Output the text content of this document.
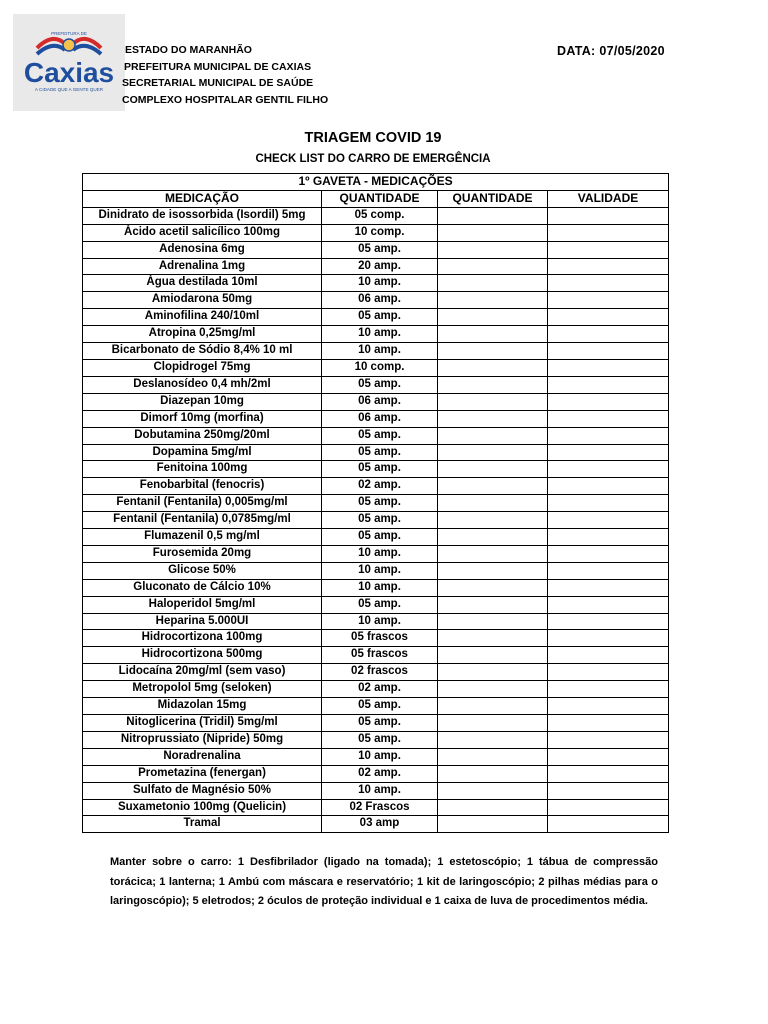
PREFEITURA DE
Caxias
A CIDADE QUE A GENTE QUER
ESTADO DO MARANHÃO
PREFEITURA MUNICIPAL DE CAXIAS
SECRETARIAL MUNICIPAL DE SAÚDE
COMPLEXO HOSPITALAR GENTIL FILHO
DATA: 07/05/2020
TRIAGEM COVID 19
CHECK LIST DO CARRO DE EMERGÊNCIA
1º GAVETA - MEDICAÇÕES			
MEDICAÇÃO	QUANTIDADE	QUANTIDADE	VALIDADE
Dinidrato de isossorbida (Isordil) 5mg	05 comp.		
Ácido acetil salicílico 100mg	10 comp.		
Adenosina 6mg	05 amp.		
Adrenalina 1mg	20 amp.		
Água destilada 10ml	10 amp.		
Amiodarona 50mg	06 amp.		
Aminofilina 240/10ml	05 amp.		
Atropina 0,25mg/ml	10 amp.		
Bicarbonato de Sódio 8,4% 10 ml	10 amp.		
Clopidrogel 75mg	10 comp.		
Deslanosídeo 0,4 mh/2ml	05 amp.		
Diazepan 10mg	06 amp.		
Dimorf 10mg (morfina)	06 amp.		
Dobutamina 250mg/20ml	05 amp.		
Dopamina 5mg/ml	05 amp.		
Fenitoina 100mg	05 amp.		
Fenobarbital (fenocris)	02 amp.		
Fentanil (Fentanila) 0,005mg/ml	05 amp.		
Fentanil (Fentanila) 0,0785mg/ml	05 amp.		
Flumazenil 0,5 mg/ml	05 amp.		
Furosemida 20mg	10 amp.		
Glicose 50%	10 amp.		
Gluconato de Cálcio 10%	10 amp.		
Haloperidol 5mg/ml	05 amp.		
Heparina 5.000UI	10 amp.		
Hidrocortizona 100mg	05 frascos		
Hidrocortizona 500mg	05 frascos		
Lidocaína 20mg/ml (sem vaso)	02 frascos		
Metropolol 5mg (seloken)	02 amp.		
Midazolan 15mg	05 amp.		
Nitoglicerina (Tridil) 5mg/ml	05 amp.		
Nitroprussiato (Nipride) 50mg	05 amp.		
Noradrenalina	10 amp.		
Prometazina (fenergan)	02 amp.		
Sulfato de Magnésio 50%	10 amp.		
Suxametonio 100mg (Quelicin)	02 Frascos		
Tramal	03 amp		
Manter sobre o carro: 1 Desfibrilador (ligado na tomada); 1 estetoscópio; 1 tábua de compressão torácica; 1 lanterna; 1 Ambú com máscara e reservatório; 1 kit de laringoscópio; 2 pilhas médias para o laringoscópio); 5 eletrodos; 2 óculos de proteção individual e 1 caixa de luva de procedimentos média.
